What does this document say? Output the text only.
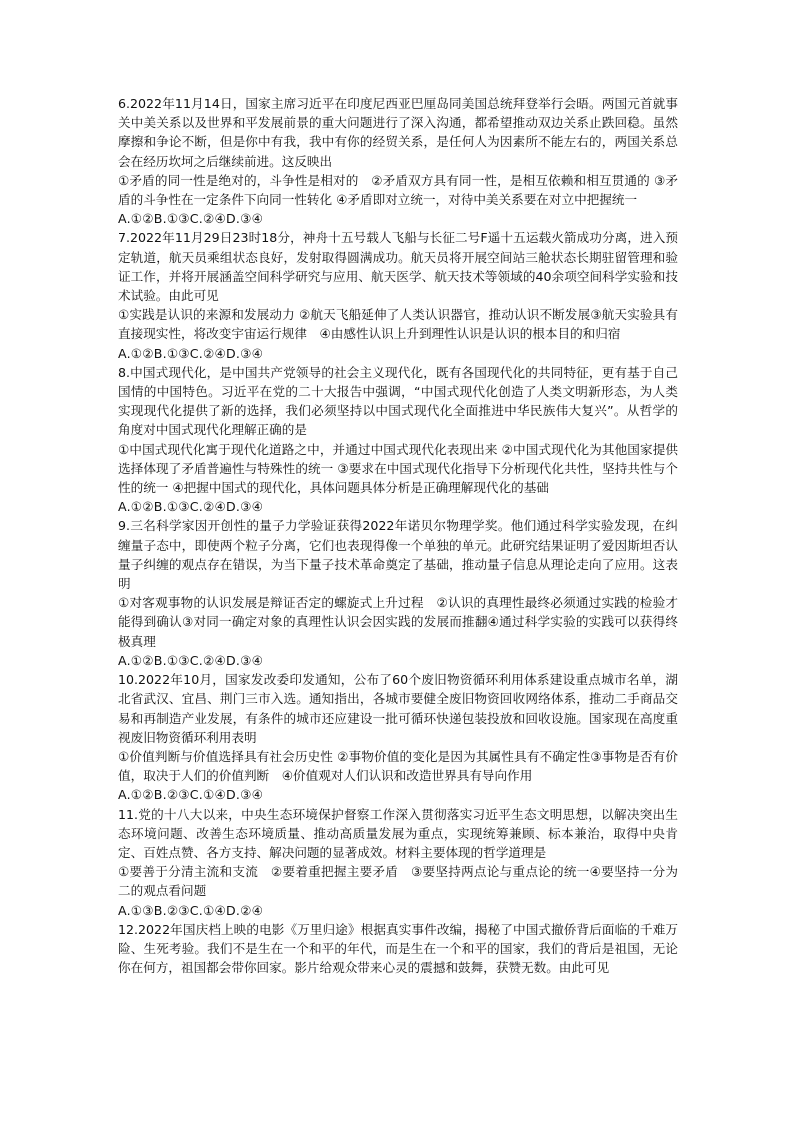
6.2022年11月14日，国家主席习近平在印度尼西亚巴厘岛同美国总统拜登举行会晤。两国元首就事关中美关系以及世界和平发展前景的重大问题进行了深入沟通，都希望推动双边关系止跌回稳。虽然摩擦和争论不断，但是你中有我，我中有你的经贸关系，是任何人为因素所不能左右的，两国关系总会在经历坎坷之后继续前进。这反映出

①矛盾的同一性是绝对的，斗争性是相对的　②矛盾双方具有同一性，是相互依赖和相互贯通的 ③矛盾的斗争性在一定条件下向同一性转化 ④矛盾即对立统一，对待中美关系要在对立中把握统一

A.①②B.①③C.②④D.③④

7.2022年11月29日23时18分，神舟十五号载人飞船与长征二号F遥十五运载火箭成功分离，进入预定轨道，航天员乘组状态良好，发射取得圆满成功。航天员将开展空间站三舱状态长期驻留管理和验证工作，并将开展涵盖空间科学研究与应用、航天医学、航天技术等领域的40余项空间科学实验和技术试验。由此可见

①实践是认识的来源和发展动力 ②航天飞船延伸了人类认识器官，推动认识不断发展③航天实验具有直接现实性，将改变宇宙运行规律　④由感性认识上升到理性认识是认识的根本目的和归宿

A.①②B.①③C.②④D.③④

8.中国式现代化，是中国共产党领导的社会主义现代化，既有各国现代化的共同特征，更有基于自己国情的中国特色。习近平在党的二十大报告中强调，“中国式现代化创造了人类文明新形态，为人类实现现代化提供了新的选择，我们必须坚持以中国式现代化全面推进中华民族伟大复兴”。从哲学的角度对中国式现代化理解正确的是

①中国式现代化寓于现代化道路之中，并通过中国式现代化表现出来 ②中国式现代化为其他国家提供选择体现了矛盾普遍性与特殊性的统一 ③要求在中国式现代化指导下分析现代化共性，坚持共性与个性的统一 ④把握中国式的现代化，具体问题具体分析是正确理解现代化的基础

A.①②B.①③C.②④D.③④

9.三名科学家因开创性的量子力学验证获得2022年诺贝尔物理学奖。他们通过科学实验发现，在纠缠量子态中，即使两个粒子分离，它们也表现得像一个单独的单元。此研究结果证明了爱因斯坦否认量子纠缠的观点存在错误，为当下量子技术革命奠定了基础，推动量子信息从理论走向了应用。这表明

①对客观事物的认识发展是辩证否定的螺旋式上升过程　②认识的真理性最终必须通过实践的检验才能得到确认③对同一确定对象的真理性认识会因实践的发展而推翻④通过科学实验的实践可以获得终极真理

A.①②B.①③C.②④D.③④

10.2022年10月，国家发改委印发通知，公布了60个废旧物资循环利用体系建设重点城市名单，湖北省武汉、宜昌、荆门三市入选。通知指出，各城市要健全废旧物资回收网络体系，推动二手商品交易和再制造产业发展，有条件的城市还应建设一批可循环快递包装投放和回收设施。国家现在高度重视废旧物资循环利用表明

①价值判断与价值选择具有社会历史性 ②事物价值的变化是因为其属性具有不确定性③事物是否有价值，取决于人们的价值判断　④价值观对人们认识和改造世界具有导向作用

A.①②B.②③C.①④D.③④

11.党的十八大以来，中央生态环境保护督察工作深入贯彻落实习近平生态文明思想，以解决突出生态环境问题、改善生态环境质量、推动高质量发展为重点，实现统筹兼顾、标本兼治，取得中央肯定、百姓点赞、各方支持、解决问题的显著成效。材料主要体现的哲学道理是

①要善于分清主流和支流　②要着重把握主要矛盾　③要坚持两点论与重点论的统一④要坚持一分为二的观点看问题

A.①③B.②③C.①④D.②④

12.2022年国庆档上映的电影《万里归途》根据真实事件改编，揭秘了中国式撤侨背后面临的千难万险、生死考验。我们不是生在一个和平的年代，而是生在一个和平的国家，我们的背后是祖国，无论你在何方，祖国都会带你回家。影片给观众带来心灵的震撼和鼓舞，获赞无数。由此可见
